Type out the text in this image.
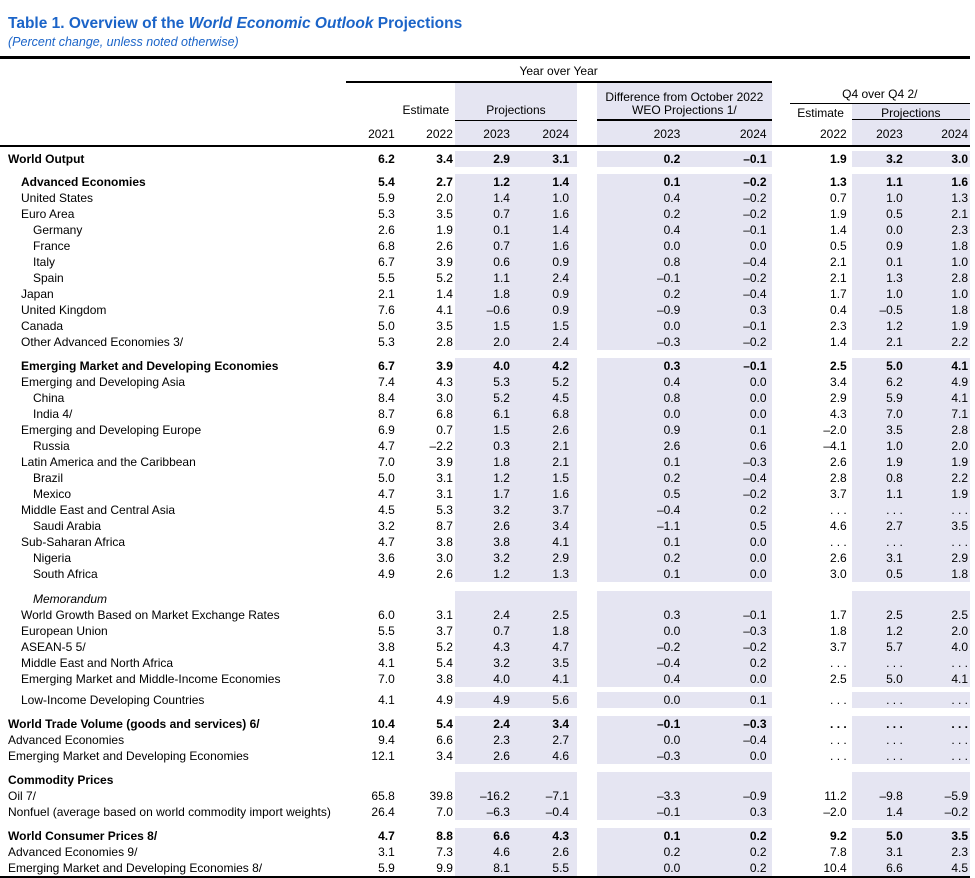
Table 1. Overview of the World Economic Outlook Projections
(Percent change, unless noted otherwise)
	Year over Year										
		Estimate	Projections		
Difference from October 2022
WEO Projections 1/

Q4 over Q4 2/
Estimate	Projections

	2021	2022	2023	2024		2023	2024		2022	2023	2024

World Output	6.2	3.4	2.9	3.1		0.2	–0.1		1.9	3.2	3.0

Advanced Economies	5.4	2.7	1.2	1.4		0.1	–0.2		1.3	1.1	1.6
United States	5.9	2.0	1.4	1.0		0.4	–0.2		0.7	1.0	1.3
Euro Area	5.3	3.5	0.7	1.6		0.2	–0.2		1.9	0.5	2.1
Germany	2.6	1.9	0.1	1.4		0.4	–0.1		1.4	0.0	2.3
France	6.8	2.6	0.7	1.6		0.0	0.0		0.5	0.9	1.8
Italy	6.7	3.9	0.6	0.9		0.8	–0.4		2.1	0.1	1.0
Spain	5.5	5.2	1.1	2.4		–0.1	–0.2		2.1	1.3	2.8
Japan	2.1	1.4	1.8	0.9		0.2	–0.4		1.7	1.0	1.0
United Kingdom	7.6	4.1	–0.6	0.9		–0.9	0.3		0.4	–0.5	1.8
Canada	5.0	3.5	1.5	1.5		0.0	–0.1		2.3	1.2	1.9
Other Advanced Economies 3/	5.3	2.8	2.0	2.4		–0.3	–0.2		1.4	2.1	2.2

Emerging Market and Developing Economies	6.7	3.9	4.0	4.2		0.3	–0.1		2.5	5.0	4.1
Emerging and Developing Asia	7.4	4.3	5.3	5.2		0.4	0.0		3.4	6.2	4.9
China	8.4	3.0	5.2	4.5		0.8	0.0		2.9	5.9	4.1
India 4/	8.7	6.8	6.1	6.8		0.0	0.0		4.3	7.0	7.1
Emerging and Developing Europe	6.9	0.7	1.5	2.6		0.9	0.1		–2.0	3.5	2.8
Russia	4.7	–2.2	0.3	2.1		2.6	0.6		–4.1	1.0	2.0
Latin America and the Caribbean	7.0	3.9	1.8	2.1		0.1	–0.3		2.6	1.9	1.9
Brazil	5.0	3.1	1.2	1.5		0.2	–0.4		2.8	0.8	2.2
Mexico	4.7	3.1	1.7	1.6		0.5	–0.2		3.7	1.1	1.9
Middle East and Central Asia	4.5	5.3	3.2	3.7		–0.4	0.2		. . .	. . .	. . .
Saudi Arabia	3.2	8.7	2.6	3.4		–1.1	0.5		4.6	2.7	3.5
Sub-Saharan Africa	4.7	3.8	3.8	4.1		0.1	0.0		. . .	. . .	. . .
Nigeria	3.6	3.0	3.2	2.9		0.2	0.0		2.6	3.1	2.9
South Africa	4.9	2.6	1.2	1.3		0.1	0.0		3.0	0.5	1.8

Memorandum											
World Growth Based on Market Exchange Rates	6.0	3.1	2.4	2.5		0.3	–0.1		1.7	2.5	2.5
European Union	5.5	3.7	0.7	1.8		0.0	–0.3		1.8	1.2	2.0
ASEAN-5 5/	3.8	5.2	4.3	4.7		–0.2	–0.2		3.7	5.7	4.0
Middle East and North Africa	4.1	5.4	3.2	3.5		–0.4	0.2		. . .	. . .	. . .
Emerging Market and Middle-Income Economies	7.0	3.8	4.0	4.1		0.4	0.0		2.5	5.0	4.1

Low-Income Developing Countries	4.1	4.9	4.9	5.6		0.0	0.1		. . .	. . .	. . .

World Trade Volume (goods and services) 6/	10.4	5.4	2.4	3.4		–0.1	–0.3		. . .	. . .	. . .
Advanced Economies	9.4	6.6	2.3	2.7		0.0	–0.4		. . .	. . .	. . .
Emerging Market and Developing Economies	12.1	3.4	2.6	4.6		–0.3	0.0		. . .	. . .	. . .

Commodity Prices											
Oil 7/	65.8	39.8	–16.2	–7.1		–3.3	–0.9		11.2	–9.8	–5.9
Nonfuel (average based on world commodity import weights)	26.4	7.0	–6.3	–0.4		–0.1	0.3		–2.0	1.4	–0.2

World Consumer Prices 8/	4.7	8.8	6.6	4.3		0.1	0.2		9.2	5.0	3.5
Advanced Economies 9/	3.1	7.3	4.6	2.6		0.2	0.2		7.8	3.1	2.3
Emerging Market and Developing Economies 8/	5.9	9.9	8.1	5.5		0.0	0.2		10.4	6.6	4.5
